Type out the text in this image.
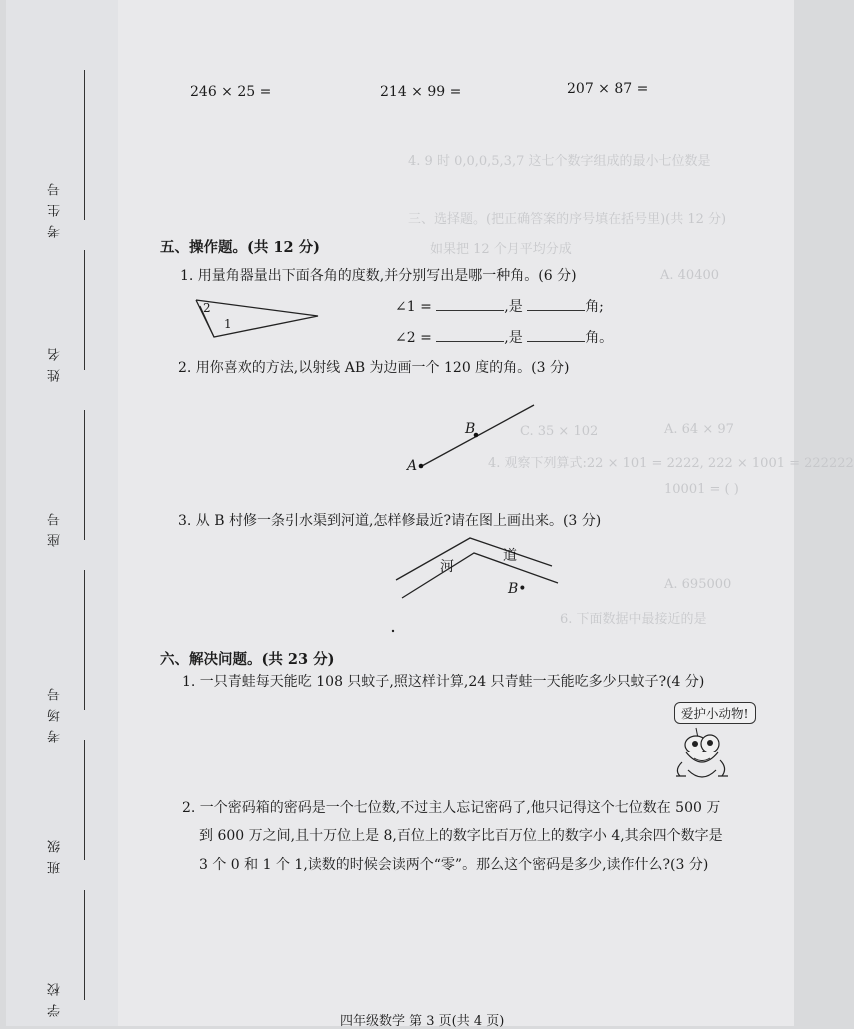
考生号
姓名
座号
考场号
班级
学校
三、选择题。(把正确答案的序号填在括号里)(共 12 分)
如果把 12 个月平均分成
A. 40400
A. 64 × 97
4. 观察下列算式:22 × 101 = 2222, 222 × 1001 = 222222
A. 695000
6. 下面数据中最接近的是
10001 = ( )
C. 35 × 102
4. 9 时 0,0,0,5,3,7 这七个数字组成的最小七位数是
246 × 25 =	214 × 99 =	207 × 87 =
五、操作题。(共 12 分)
1. 用量角器量出下面各角的度数,并分别写出是哪一种角。(6 分)
2
1
∠1 =	,是	角;
∠2 =	,是	角。
2. 用你喜欢的方法,以射线 AB 为边画一个 120 度的角。(3 分)
A
B
3. 从 B 村修一条引水渠到河道,怎样修最近?请在图上画出来。(3 分)
河
道
B•
六、解决问题。(共 23 分)
1. 一只青蛙每天能吃 108 只蚊子,照这样计算,24 只青蛙一天能吃多少只蚊子?(4 分)
爱护小动物!
2. 一个密码箱的密码是一个七位数,不过主人忘记密码了,他只记得这个七位数在 500 万
到 600 万之间,且十万位上是 8,百位上的数字比百万位上的数字小 4,其余四个数字是
3 个 0 和 1 个 1,读数的时候会读两个“零”。那么这个密码是多少,读作什么?(3 分)
四年级数学 第 3 页(共 4 页)
